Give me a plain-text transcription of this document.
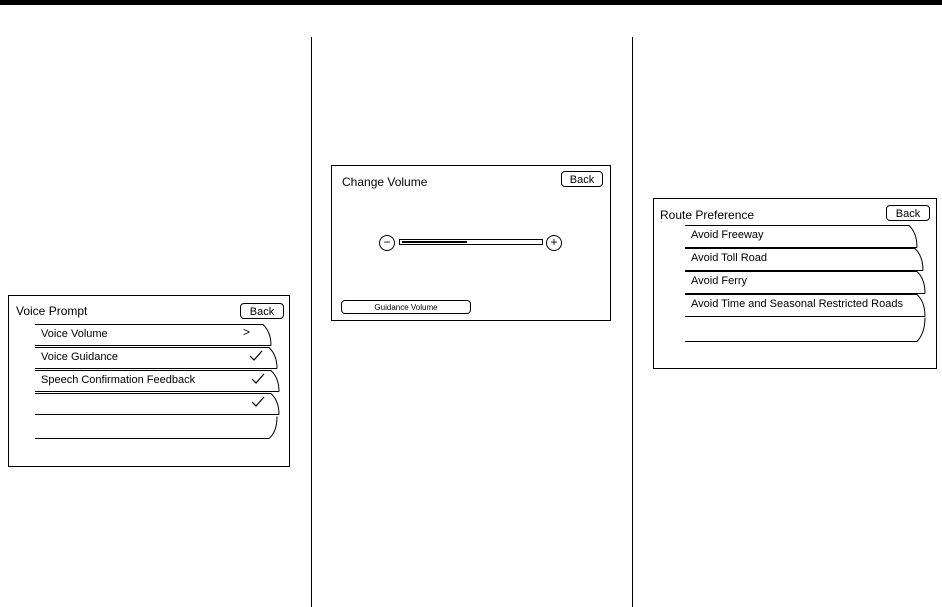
Voice Prompt	Back
Voice Volume	>
Voice Guidance
Speech Confirmation Feedback
Change Volume	Back
−	+
Guidance Volume
Route Preference	Back
Avoid Freeway
Avoid Toll Road
Avoid Ferry
Avoid Time and Seasonal Restricted Roads
